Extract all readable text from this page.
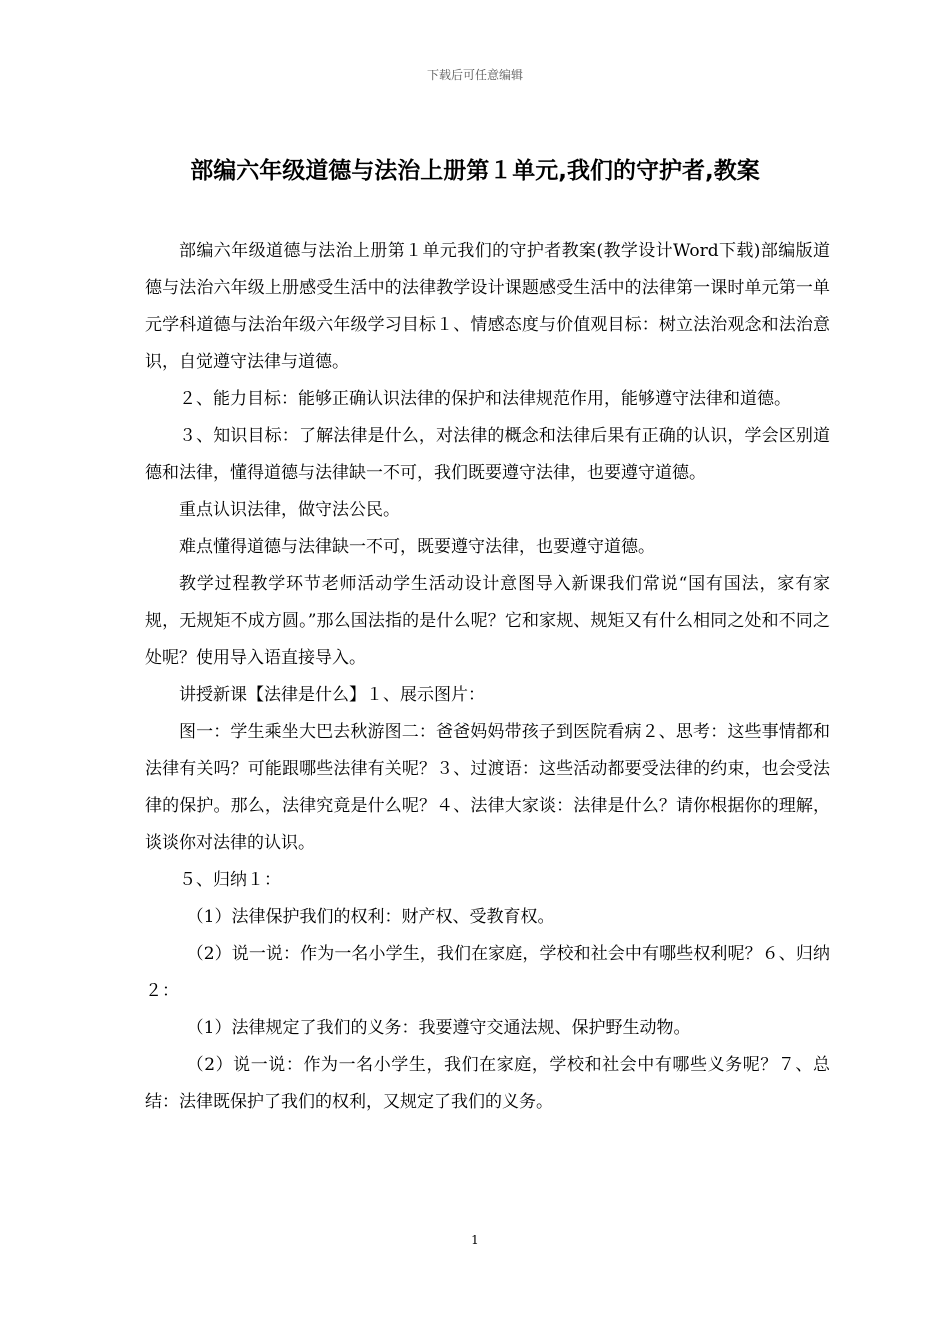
下载后可任意编辑
部编六年级道德与法治上册第１单元,我们的守护者,教案

部编六年级道德与法治上册第１单元我们的守护者教案(教学设计Word下载)部编版道德与法治六年级上册感受生活中的法律教学设计课题感受生活中的法律第一课时单元第一单元学科道德与法治年级六年级学习目标１、情感态度与价值观目标：树立法治观念和法治意识，自觉遵守法律与道德。

２、能力目标：能够正确认识法律的保护和法律规范作用，能够遵守法律和道德。

３、知识目标：了解法律是什么，对法律的概念和法律后果有正确的认识，学会区别道德和法律，懂得道德与法律缺一不可，我们既要遵守法律，也要遵守道德。

重点认识法律，做守法公民。

难点懂得道德与法律缺一不可，既要遵守法律，也要遵守道德。

教学过程教学环节老师活动学生活动设计意图导入新课我们常说“国有国法，家有家规，无规矩不成方圆。”那么国法指的是什么呢？它和家规、规矩又有什么相同之处和不同之处呢？使用导入语直接导入。

讲授新课【法律是什么】１、展示图片：

图一：学生乘坐大巴去秋游图二：爸爸妈妈带孩子到医院看病２、思考：这些事情都和法律有关吗？可能跟哪些法律有关呢？３、过渡语：这些活动都要受法律的约束，也会受法律的保护。那么，法律究竟是什么呢？４、法律大家谈：法律是什么？请你根据你的理解，谈谈你对法律的认识。

５、归纳１：

（1）法律保护我们的权利：财产权、受教育权。

（2）说一说：作为一名小学生，我们在家庭，学校和社会中有哪些权利呢？６、归纳２：

（1）法律规定了我们的义务：我要遵守交通法规、保护野生动物。

（2）说一说：作为一名小学生，我们在家庭，学校和社会中有哪些义务呢？７、总结：法律既保护了我们的权利，又规定了我们的义务。

1
